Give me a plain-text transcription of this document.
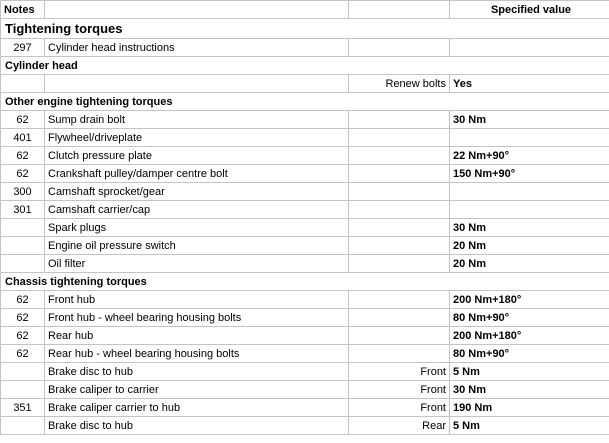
Notes			Specified value
Tightening torques			
297	Cylinder head instructions		
Cylinder head			
		Renew bolts	Yes
Other engine tightening torques			
62	Sump drain bolt		30 Nm
401	Flywheel/driveplate		
62	Clutch pressure plate		22 Nm+90°
62	Crankshaft pulley/damper centre bolt		150 Nm+90°
300	Camshaft sprocket/gear		
301	Camshaft carrier/cap		
	Spark plugs		30 Nm
	Engine oil pressure switch		20 Nm
	Oil filter		20 Nm
Chassis tightening torques			
62	Front hub		200 Nm+180°
62	Front hub - wheel bearing housing bolts		80 Nm+90°
62	Rear hub		200 Nm+180°
62	Rear hub - wheel bearing housing bolts		80 Nm+90°
	Brake disc to hub	Front	5 Nm
	Brake caliper to carrier	Front	30 Nm
351	Brake caliper carrier to hub	Front	190 Nm
	Brake disc to hub	Rear	5 Nm
